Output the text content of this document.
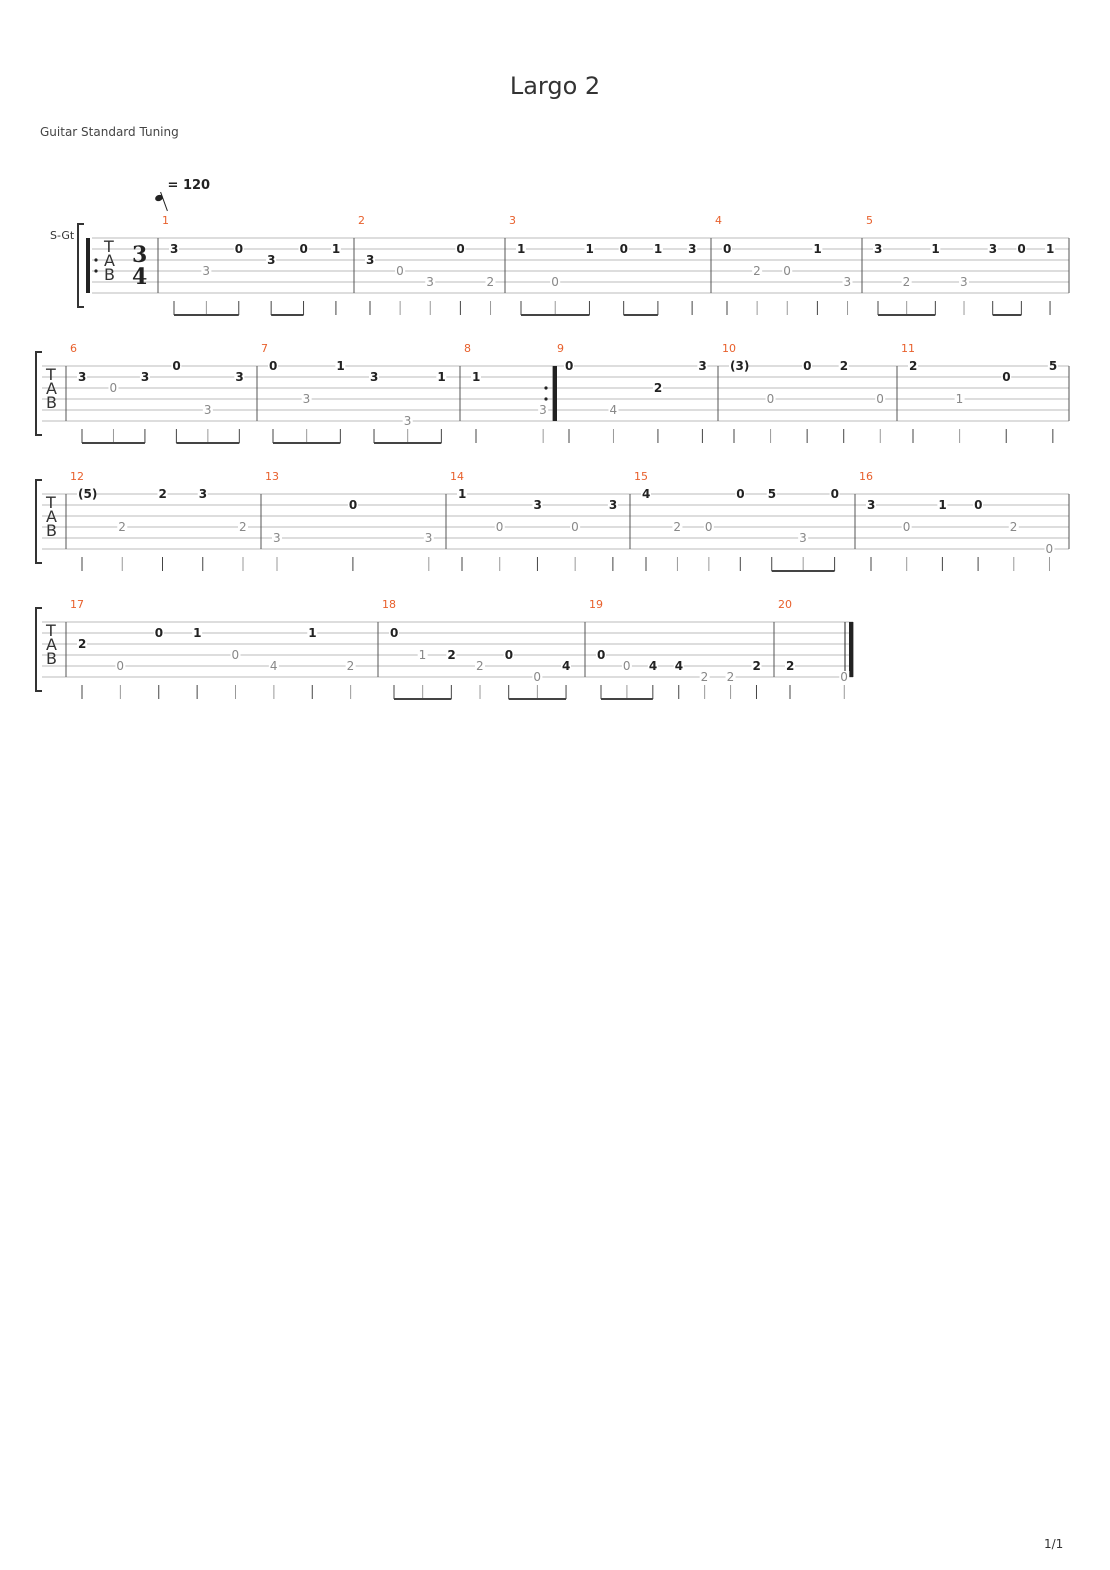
Largo 2
Guitar Standard Tuning
= 120
S-Gt
1/1
T
A
B
3
4
1
3
3
0
3
0 1
2
3
0
3
0
2
3
1
0
1 0 1 3
4
0
2 0
1
3
5
3
2
1
3
3 0 1
T
A
B
6
3
0
3
0
3
3
7
0
3
1
3
3
1
8
1
3
9
0
4
2
3
10
(3)
0
0 2
0
11
2
1
0
5
T
A
B
12
(5)
2
2	3
2
13
3
0
3
14
1
0
3
0
3
15
4
2 0
0 5
3
0
16
3
0
1 0
2
0
T
A
B
17
2
0
0	1
0
4
1
2
18
0
1 2
2
0
0
4
19
0
0 4 4
2 2
2
20
2
0
